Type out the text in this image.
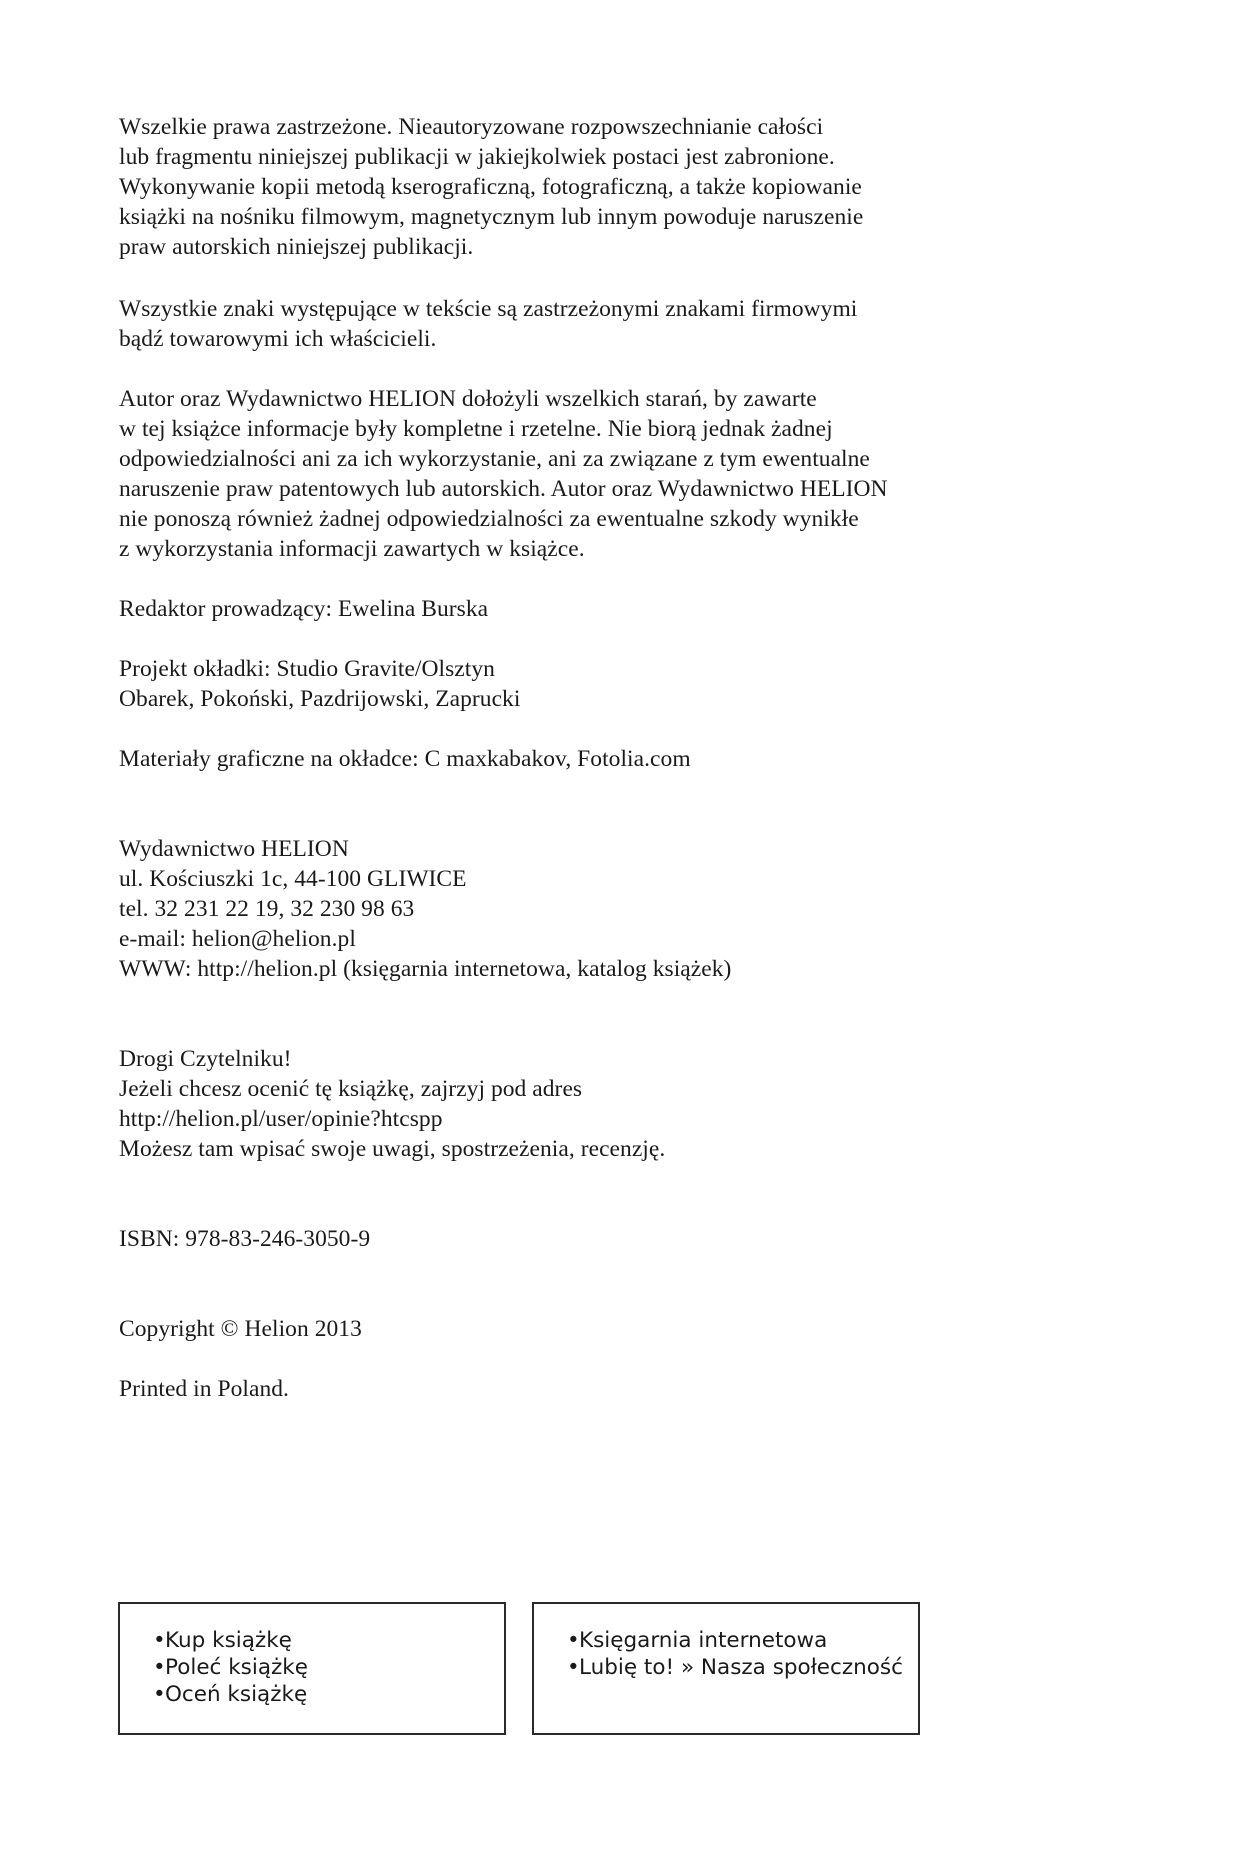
Wszelkie prawa zastrzeżone. Nieautoryzowane rozpowszechnianie całości
lub fragmentu niniejszej publikacji w jakiejkolwiek postaci jest zabronione.
Wykonywanie kopii metodą kserograficzną, fotograficzną, a także kopiowanie
książki na nośniku filmowym, magnetycznym lub innym powoduje naruszenie
praw autorskich niniejszej publikacji.
Wszystkie znaki występujące w tekście są zastrzeżonymi znakami firmowymi
bądź towarowymi ich właścicieli.
Autor oraz Wydawnictwo HELION dołożyli wszelkich starań, by zawarte
w tej książce informacje były kompletne i rzetelne. Nie biorą jednak żadnej
odpowiedzialności ani za ich wykorzystanie, ani za związane z tym ewentualne
naruszenie praw patentowych lub autorskich. Autor oraz Wydawnictwo HELION
nie ponoszą również żadnej odpowiedzialności za ewentualne szkody wynikłe
z wykorzystania informacji zawartych w książce.
Redaktor prowadzący: Ewelina Burska
Projekt okładki: Studio Gravite/Olsztyn
Obarek, Pokoński, Pazdrijowski, Zaprucki
Materiały graficzne na okładce: C maxkabakov, Fotolia.com
Wydawnictwo HELION
ul. Kościuszki 1c, 44-100 GLIWICE
tel. 32 231 22 19, 32 230 98 63
e-mail: helion@helion.pl
WWW: http://helion.pl (księgarnia internetowa, katalog książek)
Drogi Czytelniku!
Jeżeli chcesz ocenić tę książkę, zajrzyj pod adres
http://helion.pl/user/opinie?htcspp
Możesz tam wpisać swoje uwagi, spostrzeżenia, recenzję.
ISBN: 978-83-246-3050-9
Copyright © Helion 2013
Printed in Poland.
•Kup książkę
•Poleć książkę
•Oceń książkę
•Księgarnia internetowa
•Lubię to! » Nasza społeczność
